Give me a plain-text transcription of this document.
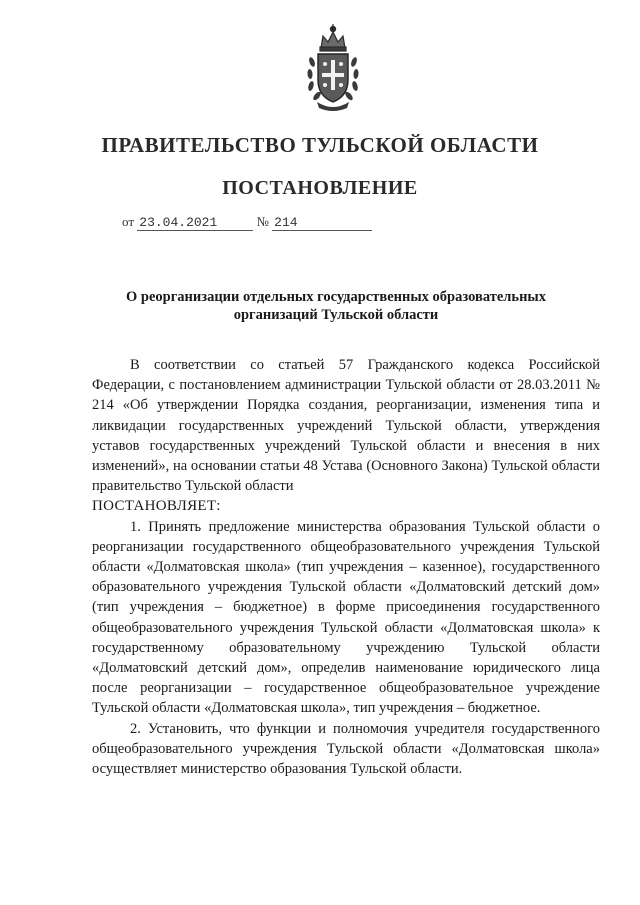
ПРАВИТЕЛЬСТВО ТУЛЬСКОЙ ОБЛАСТИ
ПОСТАНОВЛЕНИЕ
от 23.04.2021	№ 214
О реорганизации отдельных государственных образовательных организаций Тульской области

В соответствии со статьей 57 Гражданского кодекса Российской Федерации, с постановлением администрации Тульской области от 28.03.2011 № 214 «Об утверждении Порядка создания, реорганизации, изменения типа и ликвидации государственных учреждений Тульской области, утверждения уставов государственных учреждений Тульской области и внесения в них изменений», на основании статьи 48 Устава (Основного Закона) Тульской области правительство Тульской области

ПОСТАНОВЛЯЕТ:

1. Принять предложение министерства образования Тульской области о реорганизации государственного общеобразовательного учреждения Тульской области «Долматовская школа» (тип учреждения – казенное), государственного образовательного учреждения Тульской области «Долматовский детский дом» (тип учреждения – бюджетное) в форме присоединения государственного общеобразовательного учреждения Тульской области «Долматовская школа» к государственному образовательному учреждению Тульской области «Долматовский детский дом», определив наименование юридического лица после реорганизации – государственное общеобразовательное учреждение Тульской области «Долматовская школа», тип учреждения – бюджетное.

2. Установить, что функции и полномочия учредителя государственного общеобразовательного учреждения Тульской области «Долматовская школа» осуществляет министерство образования Тульской области.
